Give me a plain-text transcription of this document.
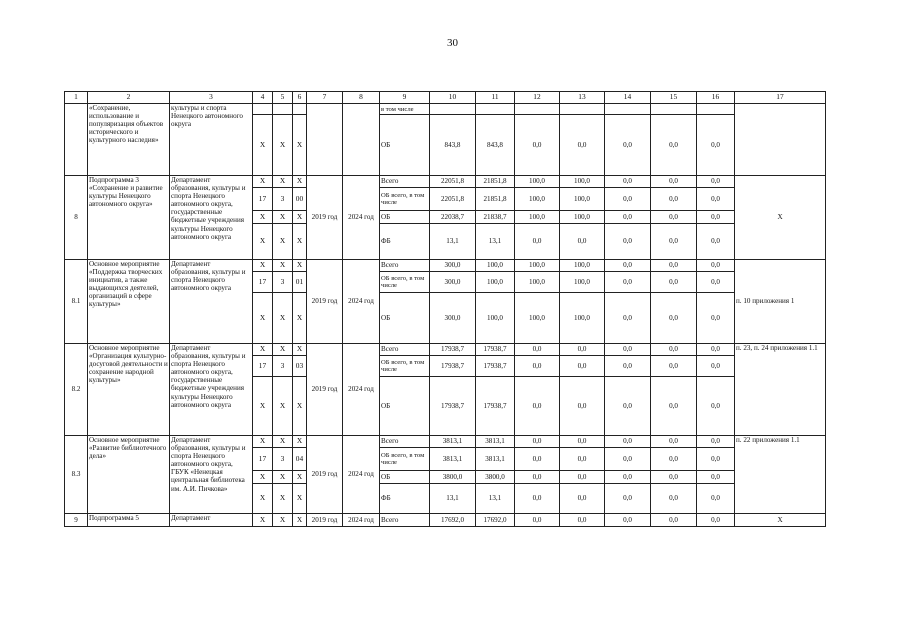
30
1	2	3	4	5	6	7	8	9	10	11	12	13	14	15	16	17
	«Сохранение, использование и популяризация объектов исторического и культурного наследия»	культуры и спорта Ненецкого автономного округа						в том числе								
			Х	Х	Х			ОБ	843,8	843,8	0,0	0,0	0,0	0,0	0,0	
8	Подпрограмма 3 «Сохранение и развитие культуры Ненецкого автономного округа»	Департамент образования, культуры и спорта Ненецкого автономного округа, государственные бюджетные учреждения культуры Ненецкого автономного округа	Х	Х	Х	2019 год	2024 год	Всего	22051,8	21851,8	100,0	100,0	0,0	0,0	0,0	Х
			17	3	00			ОБ всего, в том числе	22051,8	21851,8	100,0	100,0	0,0	0,0	0,0	
			Х	Х	Х			ОБ	22038,7	21838,7	100,0	100,0	0,0	0,0	0,0	
			Х	Х	Х			ФБ	13,1	13,1	0,0	0,0	0,0	0,0	0,0	
8.1	Основное мероприятие «Поддержка творческих инициатив, а также выдающихся деятелей, организаций в сфере культуры»	Департамент образования, культуры и спорта Ненецкого автономного округа	Х	Х	Х	2019 год	2024 год	Всего	300,0	100,0	100,0	100,0	0,0	0,0	0,0	п. 10 приложения 1
			17	3	01			ОБ всего, в том числе	300,0	100,0	100,0	100,0	0,0	0,0	0,0	
			Х	Х	Х			ОБ	300,0	100,0	100,0	100,0	0,0	0,0	0,0	
8.2	Основное мероприятие «Организация культурно-досуговой деятельности и сохранение народной культуры»	Департамент образования, культуры и спорта Ненецкого автономного округа, государственные бюджетные учреждения культуры Ненецкого автономного округа	Х	Х	Х	2019 год	2024 год	Всего	17938,7	17938,7	0,0	0,0	0,0	0,0	0,0	п. 23, п. 24 приложения 1.1
			17	3	03			ОБ всего, в том числе	17938,7	17938,7	0,0	0,0	0,0	0,0	0,0	
			Х	Х	Х			ОБ	17938,7	17938,7	0,0	0,0	0,0	0,0	0,0	
8.3	Основное мероприятие «Развитие библиотечного дела»	Департамент образования, культуры и спорта Ненецкого автономного округа, ГБУК «Ненецкая центральная библиотека им. А.И. Пичкова»	Х	Х	Х	2019 год	2024 год	Всего	3813,1	3813,1	0,0	0,0	0,0	0,0	0,0	п. 22 приложения 1.1
			17	3	04			ОБ всего, в том числе	3813,1	3813,1	0,0	0,0	0,0	0,0	0,0	
			Х	Х	Х			ОБ	3800,0	3800,0	0,0	0,0	0,0	0,0	0,0	
			Х	Х	Х			ФБ	13,1	13,1	0,0	0,0	0,0	0,0	0,0	
9	Подпрограмма 5	Департамент	Х	Х	Х	2019 год	2024 год	Всего	17692,0	17692,0	0,0	0,0	0,0	0,0	0,0	Х
